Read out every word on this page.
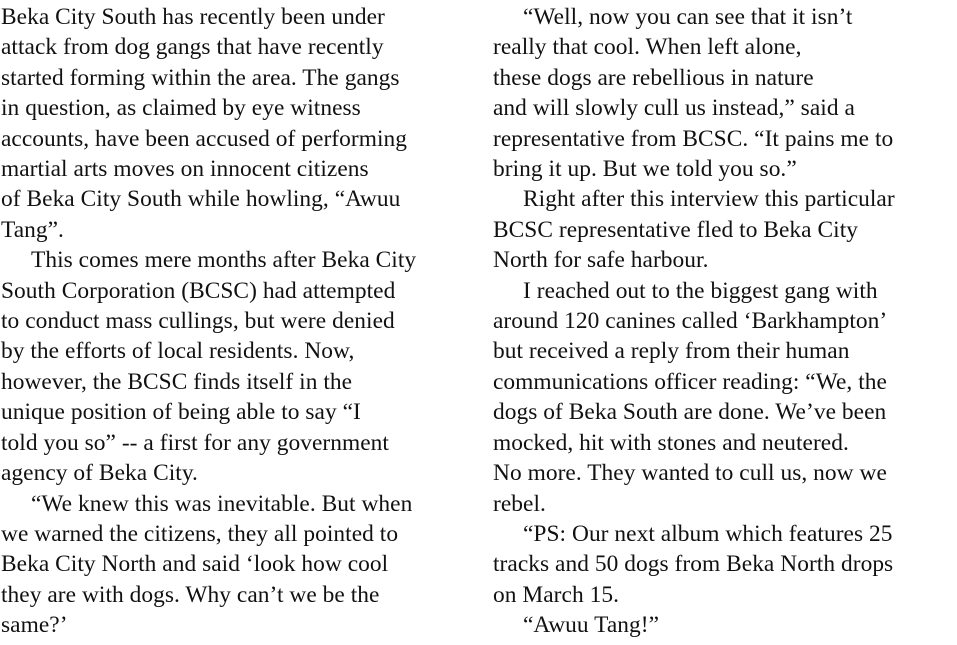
Beka City South has recently been under
attack from dog gangs that have recently
started forming within the area. The gangs
in question, as claimed by eye witness
accounts, have been accused of performing
martial arts moves on innocent citizens
of Beka City South while howling, “Awuu
Tang”.

This comes mere months after Beka City
South Corporation (BCSC) had attempted
to conduct mass cullings, but were denied
by the efforts of local residents. Now,
however, the BCSC finds itself in the
unique position of being able to say “I
told you so” -- a first for any government
agency of Beka City.

“We knew this was inevitable. But when
we warned the citizens, they all pointed to
Beka City North and said ‘look how cool
they are with dogs. Why can’t we be the
same?’

“Well, now you can see that it isn’t
really that cool. When left alone,
these dogs are rebellious in nature
and will slowly cull us instead,” said a
representative from BCSC. “It pains me to
bring it up. But we told you so.”

Right after this interview this particular
BCSC representative fled to Beka City
North for safe harbour.

I reached out to the biggest gang with
around 120 canines called ‘Barkhampton’
but received a reply from their human
communications officer reading: “We, the
dogs of Beka South are done. We’ve been
mocked, hit with stones and neutered.
No more. They wanted to cull us, now we
rebel.

“PS: Our next album which features 25
tracks and 50 dogs from Beka North drops
on March 15.

“Awuu Tang!”
